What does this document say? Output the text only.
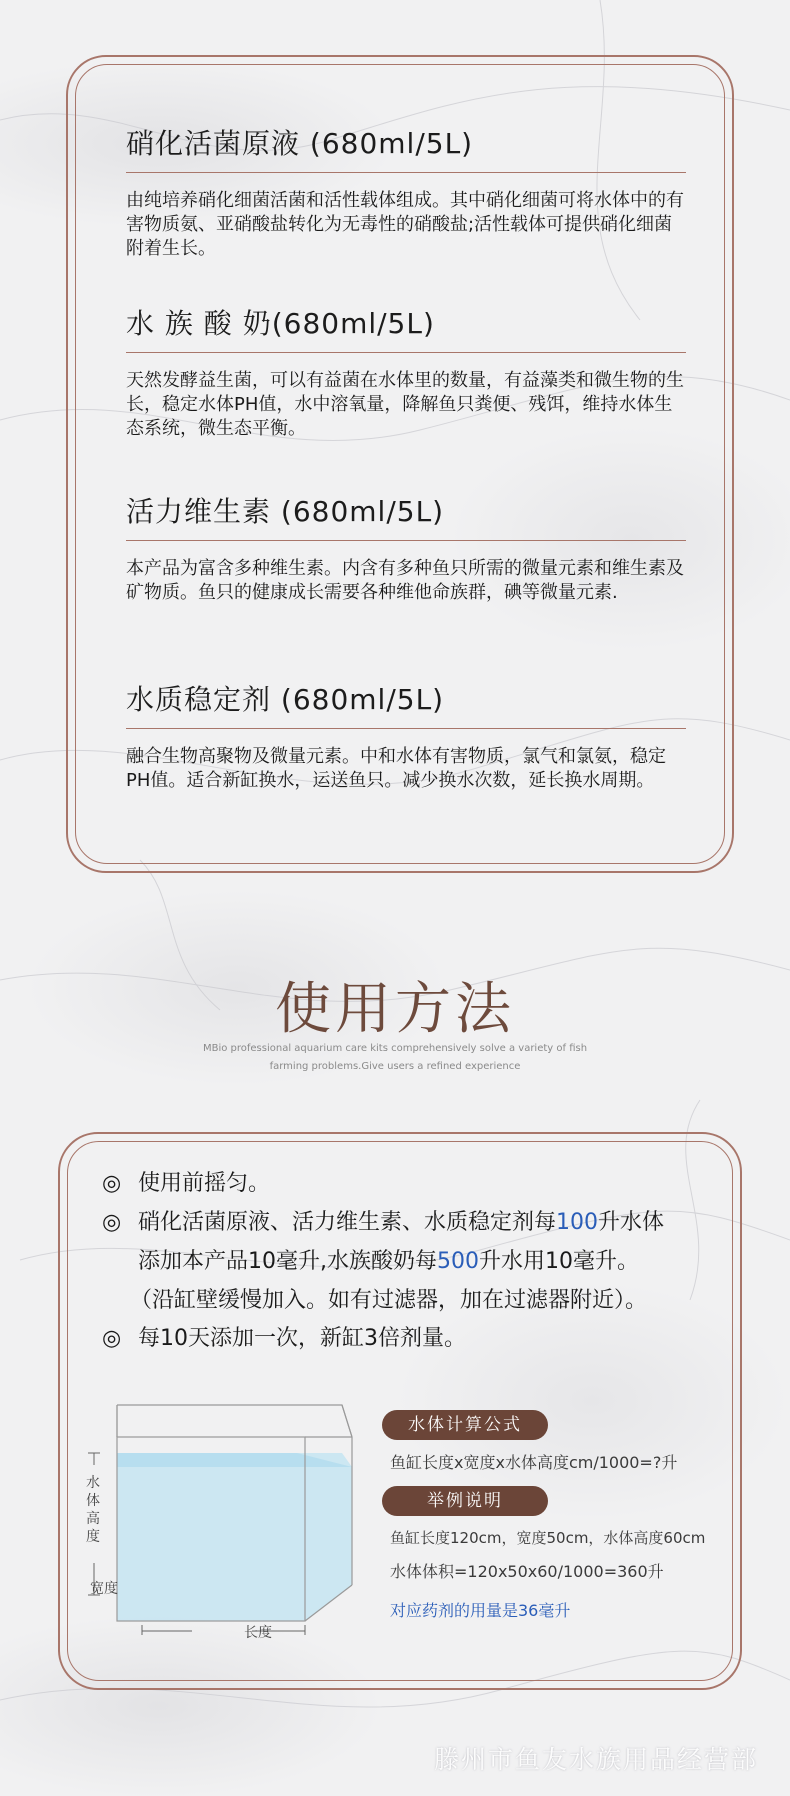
硝化活菌原液 (680ml/5L)

由纯培养硝化细菌活菌和活性载体组成。其中硝化细菌可将水体中的有害物质氨、亚硝酸盐转化为无毒性的硝酸盐;活性载体可提供硝化细菌附着生长。

水 族 酸 奶(680ml/5L)

天然发酵益生菌，可以有益菌在水体里的数量，有益藻类和微生物的生长，稳定水体PH值，水中溶氧量，降解鱼只粪便、残饵，维持水体生态系统，微生态平衡。

活力维生素 (680ml/5L)

本产品为富含多种维生素。内含有多种鱼只所需的微量元素和维生素及矿物质。鱼只的健康成长需要各种维他命族群，碘等微量元素.

水质稳定剂 (680ml/5L)

融合生物高聚物及微量元素。中和水体有害物质，氯气和氯氨，稳定PH值。适合新缸换水，运送鱼只。减少换水次数，延长换水周期。

使用方法
MBio professional aquarium care kits comprehensively solve a variety of fish
farming problems.Give users a refined experience
◎ 使用前摇匀。
◎ 硝化活菌原液、活力维生素、水质稳定剂每100升水体
添加本产品10毫升,水族酸奶每500升水用10毫升。
（沿缸壁缓慢加入。如有过滤器，加在过滤器附近）。
◎ 每10天添加一次，新缸3倍剂量。
水体高度
宽度
长度
水体计算公式
鱼缸长度x宽度x水体高度cm/1000=?升
举例说明
鱼缸长度120cm，宽度50cm，水体高度60cm
水体体积=120x50x60/1000=360升
对应药剂的用量是36毫升
滕州市鱼友水族用品经营部
